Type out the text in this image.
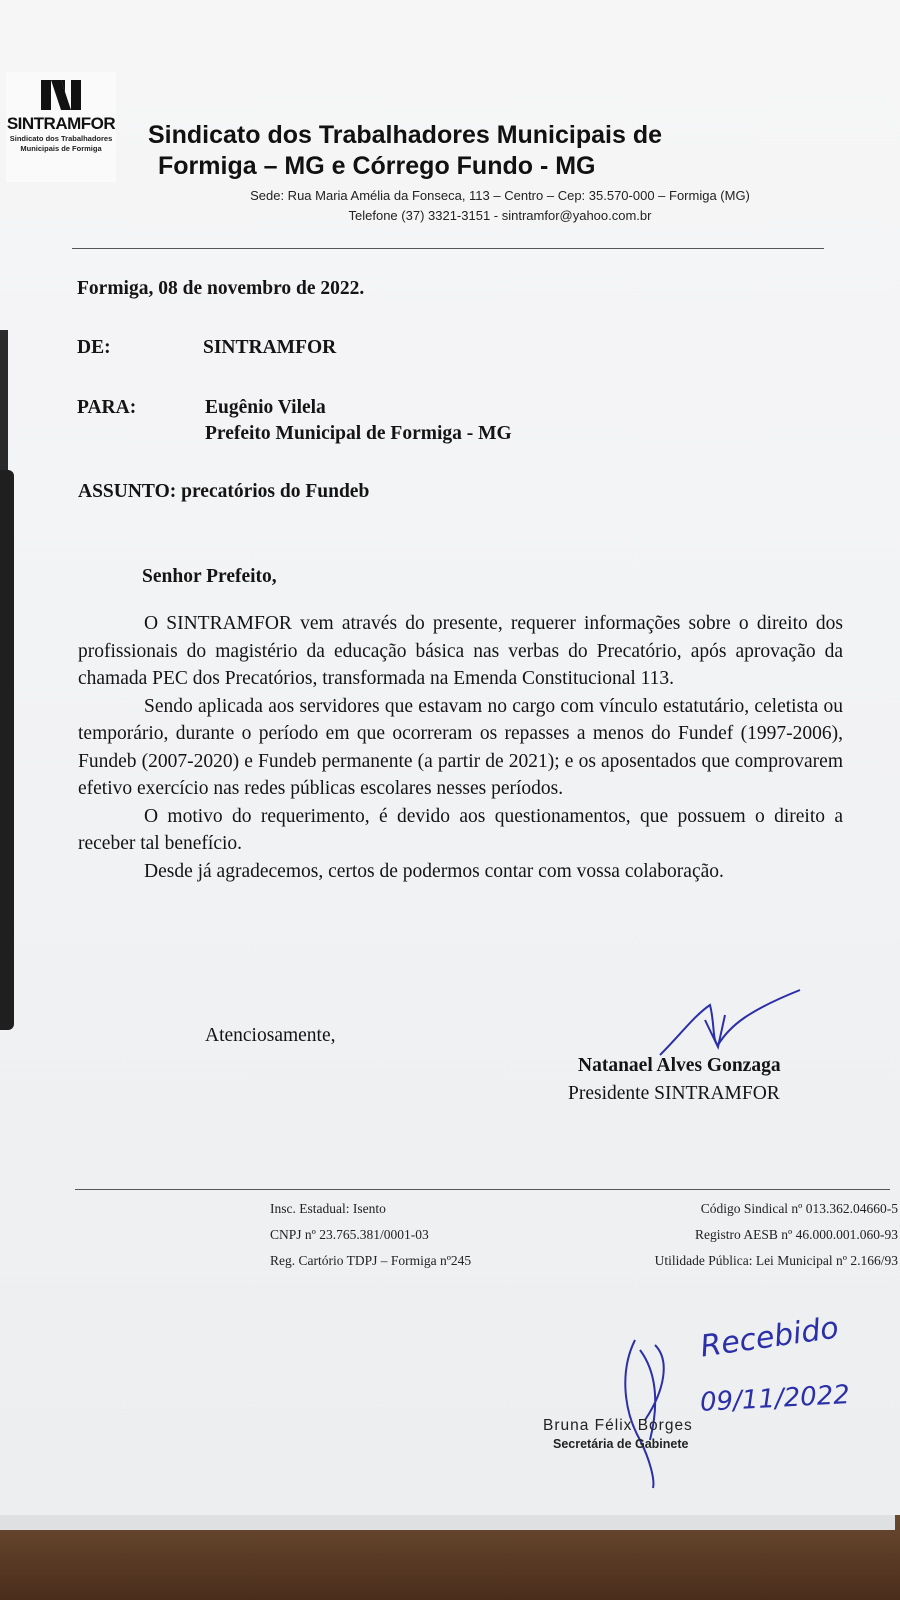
SINTRAMFOR
Sindicato dos Trabalhadores
Municipais de Formiga	Sindicato dos Trabalhadores Municipais de
Formiga – MG e Córrego Fundo - MG
Sede: Rua Maria Amélia da Fonseca, 113 – Centro – Cep: 35.570-000 – Formiga (MG)
Telefone (37) 3321-3151 - sintramfor@yahoo.com.br
Formiga, 08 de novembro de 2022.
DE:	SINTRAMFOR
PARA:	Eugênio Vilela
Prefeito Municipal de Formiga - MG
ASSUNTO: precatórios do Fundeb
Senhor Prefeito,

O SINTRAMFOR vem através do presente, requerer informações sobre o direito dos profissionais do magistério da educação básica nas verbas do Precatório, após aprovação da chamada PEC dos Precatórios, transformada na Emenda Constitucional 113.

Sendo aplicada aos servidores que estavam no cargo com vínculo estatutário, celetista ou temporário, durante o período em que ocorreram os repasses a menos do Fundef (1997-2006), Fundeb (2007-2020) e Fundeb permanente (a partir de 2021); e os aposentados que comprovarem efetivo exercício nas redes públicas escolares nesses períodos.

O motivo do requerimento, é devido aos questionamentos, que possuem o direito a receber tal benefício.

Desde já agradecemos, certos de podermos contar com vossa colaboração.

Atenciosamente,
Natanael Alves Gonzaga
Presidente SINTRAMFOR
Insc. Estadual: Isento
CNPJ nº 23.765.381/0001-03
Reg. Cartório TDPJ – Formiga nº245
Código Sindical nº 013.362.04660-5
Registro AESB nº 46.000.001.060-93
Utilidade Pública: Lei Municipal nº 2.166/93
Recebido
09/11/2022
Bruna Félix Borges
Secretária de Gabinete
